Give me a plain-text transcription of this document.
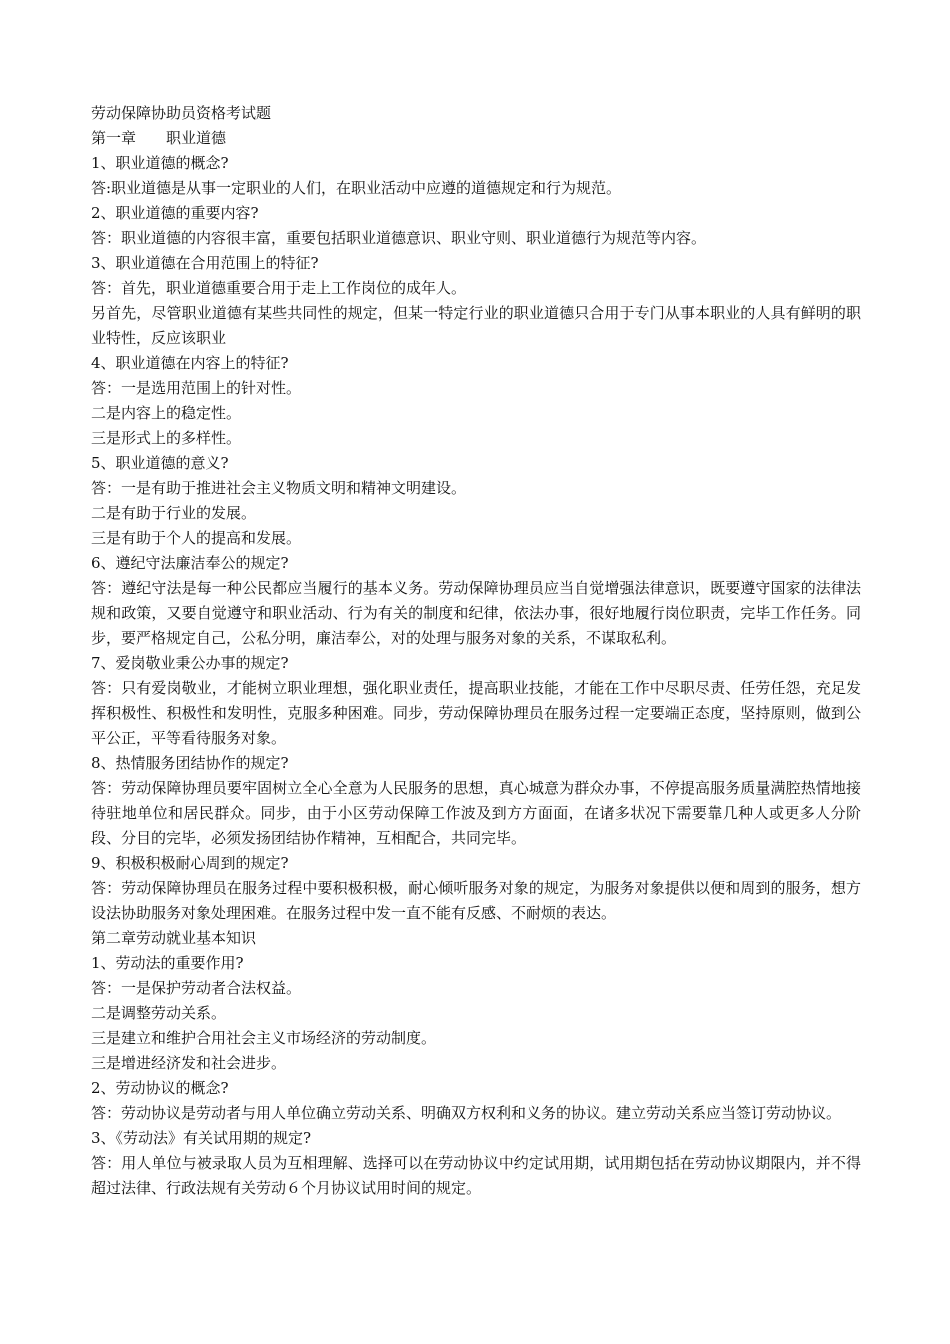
劳动保障协助员资格考试题

第一章　　职业道德

1、职业道德的概念?

答:职业道德是从事一定职业的人们，在职业活动中应遵的道德规定和行为规范。

2、职业道德的重要内容?

答：职业道德的内容很丰富，重要包括职业道德意识、职业守则、职业道德行为规范等内容。

3、职业道德在合用范围上的特征?

答：首先，职业道德重要合用于走上工作岗位的成年人。

另首先，尽管职业道德有某些共同性的规定，但某一特定行业的职业道德只合用于专门从事本职业的人具有鲜明的职业特性，反应该职业

4、职业道德在内容上的特征?

答：一是选用范围上的针对性。

二是内容上的稳定性。

三是形式上的多样性。

5、职业道德的意义?

答：一是有助于推进社会主义物质文明和精神文明建设。

二是有助于行业的发展。

三是有助于个人的提高和发展。

6、遵纪守法廉洁奉公的规定?

答：遵纪守法是每一种公民都应当履行的基本义务。劳动保障协理员应当自觉增强法律意识，既要遵守国家的法律法规和政策，又要自觉遵守和职业活动、行为有关的制度和纪律，依法办事，很好地履行岗位职责，完毕工作任务。同步，要严格规定自己，公私分明，廉洁奉公，对的处理与服务对象的关系，不谋取私利。

7、爱岗敬业秉公办事的规定?

答：只有爱岗敬业，才能树立职业理想，强化职业责任，提高职业技能，才能在工作中尽职尽责、任劳任怨，充足发挥积极性、积极性和发明性，克服多种困难。同步，劳动保障协理员在服务过程一定要端正态度，坚持原则，做到公平公正，平等看待服务对象。

8、热情服务团结协作的规定?

答：劳动保障协理员要牢固树立全心全意为人民服务的思想，真心城意为群众办事，不停提高服务质量满腔热情地接待驻地单位和居民群众。同步，由于小区劳动保障工作波及到方方面面，在诸多状况下需要靠几种人或更多人分阶段、分目的完毕，必须发扬团结协作精神，互相配合，共同完毕。

9、积极积极耐心周到的规定?

答：劳动保障协理员在服务过程中要积极积极，耐心倾听服务对象的规定，为服务对象提供以便和周到的服务，想方设法协助服务对象处理困难。在服务过程中发一直不能有反感、不耐烦的表达。

第二章劳动就业基本知识

1、劳动法的重要作用?

答：一是保护劳动者合法权益。

二是调整劳动关系。

三是建立和维护合用社会主义市场经济的劳动制度。

三是增进经济发和社会进步。

2、劳动协议的概念?

答：劳动协议是劳动者与用人单位确立劳动关系、明确双方权利和义务的协议。建立劳动关系应当签订劳动协议。

3、《劳动法》有关试用期的规定?

答：用人单位与被录取人员为互相理解、选择可以在劳动协议中约定试用期，试用期包括在劳动协议期限内，并不得超过法律、行政法规有关劳动６个月协议试用时间的规定。
